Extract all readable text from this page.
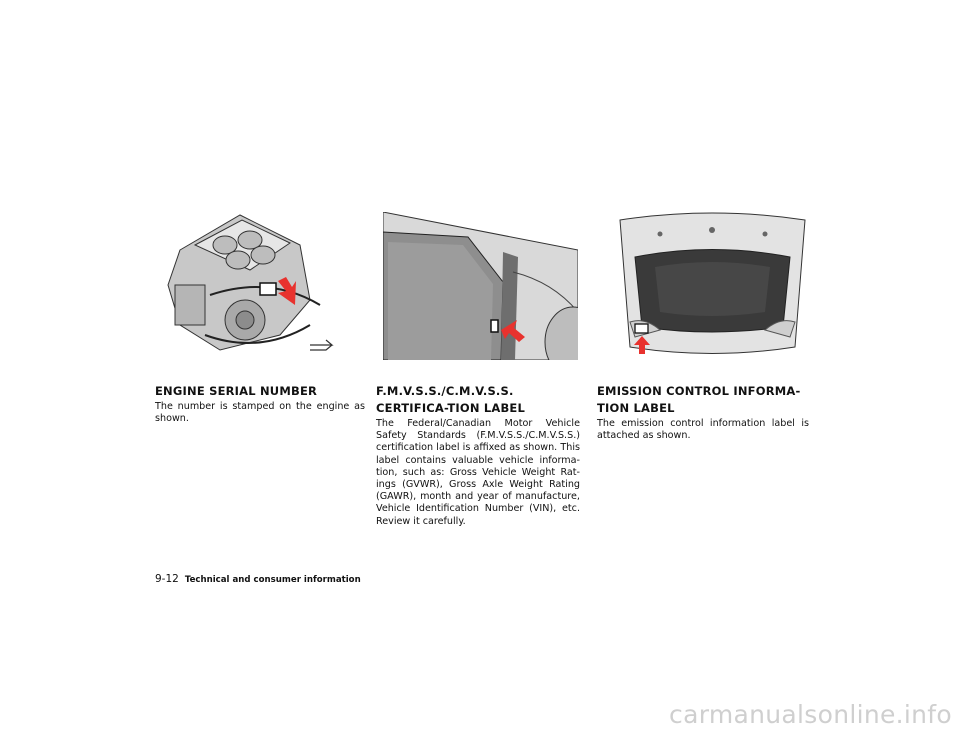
ENGINE SERIAL NUMBER
The number is stamped on the engine as shown.
F.M.V.S.S./C.M.V.S.S. CERTIFICA-TION LABEL
The Federal/Canadian Motor Vehicle Safety Standards (F.M.V.S.S./C.M.V.S.S.) certification label is affixed as shown. This label contains valuable vehicle informa-tion, such as: Gross Vehicle Weight Rat-ings (GVWR), Gross Axle Weight Rating (GAWR), month and year of manufacture, Vehicle Identification Number (VIN), etc. Review it carefully.
EMISSION CONTROL INFORMA-TION LABEL
The emission control information label is attached as shown.
9-12 Technical and consumer information
carmanualsonline.info
